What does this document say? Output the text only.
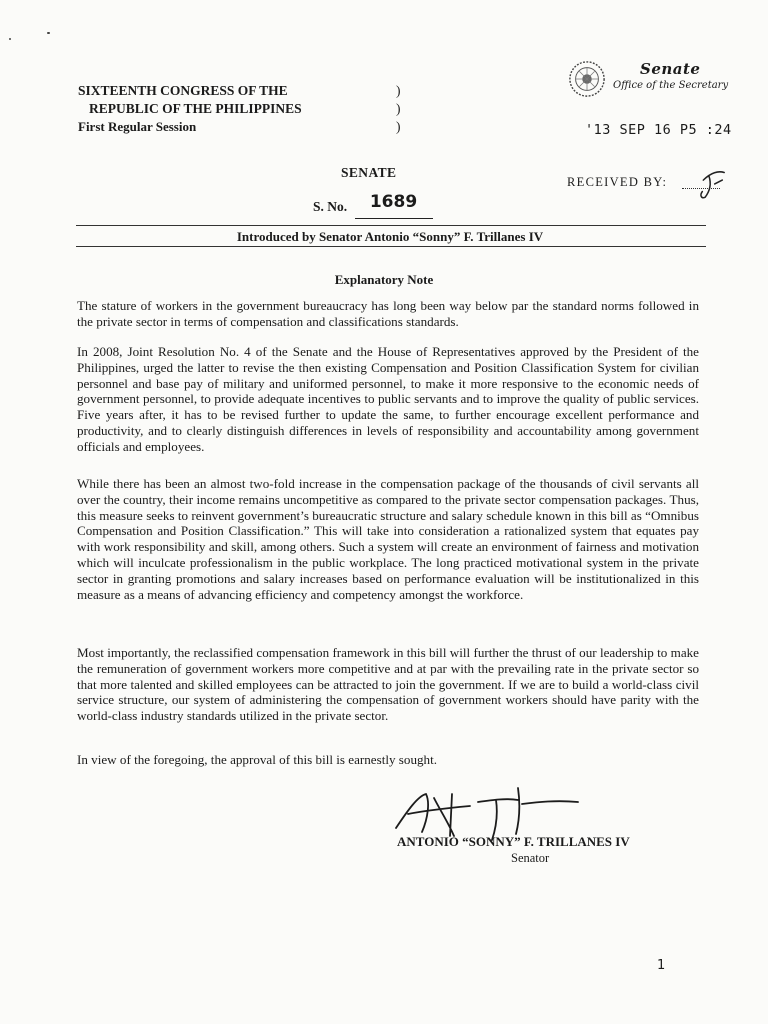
SIXTEENTH CONGRESS OF THE
REPUBLIC OF THE PHILIPPINES
First Regular Session
)
)
)
Senate
Office of the Secretary
'13 SEP 16 P5 :24
RECEIVED BY:
SENATE
S. No. 1689
Introduced by Senator Antonio “Sonny” F. Trillanes IV
Explanatory Note

The stature of workers in the government bureaucracy has long been way below par the standard norms followed in the private sector in terms of compensation and classifications standards.

In 2008, Joint Resolution No. 4 of the Senate and the House of Representatives approved by the President of the Philippines, urged the latter to revise the then existing Compensation and Position Classification System for civilian personnel and base pay of military and uniformed personnel, to make it more responsive to the economic needs of government personnel, to provide adequate incentives to public servants and to improve the quality of public services. Five years after, it has to be revised further to update the same, to further encourage excellent performance and productivity, and to clearly distinguish differences in levels of responsibility and accountability among government officials and employees.

While there has been an almost two-fold increase in the compensation package of the thousands of civil servants all over the country, their income remains uncompetitive as compared to the private sector compensation packages. Thus, this measure seeks to reinvent government’s bureaucratic structure and salary schedule known in this bill as “Omnibus Compensation and Position Classification.” This will take into consideration a rationalized system that equates pay with work responsibility and skill, among others. Such a system will create an environment of fairness and motivation which will inculcate professionalism in the public workplace. The long practiced motivational system in the private sector in granting promotions and salary increases based on performance evaluation will be institutionalized in this measure as a means of advancing efficiency and competency amongst the workforce.

Most importantly, the reclassified compensation framework in this bill will further the thrust of our leadership to make the remuneration of government workers more competitive and at par with the prevailing rate in the private sector so that more talented and skilled employees can be attracted to join the government. If we are to build a world-class civil service structure, our system of administering the compensation of government workers should have parity with the world-class industry standards utilized in the private sector.

In view of the foregoing, the approval of this bill is earnestly sought.

ANTONIO “SONNY” F. TRILLANES IV
Senator
1
